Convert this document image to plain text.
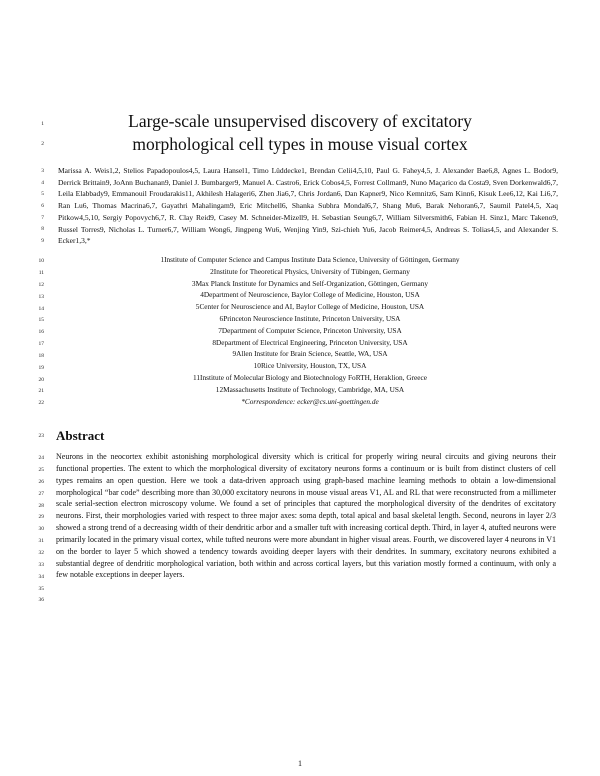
1
2
3
4
5
6
7
8
9
10
11
12
13
14
15
16
17
18
19
20
21
22
23
24
25
26
27
28
29
30
31
32
33
34
35
36
Large-scale unsupervised discovery of excitatory
morphological cell types in mouse visual cortex
Marissa A. Weis1,2, Stelios Papadopoulos4,5, Laura Hansel1, Timo Lüddecke1, Brendan Celii4,5,10, Paul G. Fahey4,5, J. Alexander Bae6,8, Agnes L. Bodor9, Derrick Brittain9, JoAnn Buchanan9, Daniel J. Bumbarger9, Manuel A. Castro6, Erick Cobos4,5, Forrest Collman9, Nuno Maçarico da Costa9, Sven Dorkenwald6,7, Leila Elabbady9, Emmanouil Froudarakis11, Akhilesh Halageri6, Zhen Jia6,7, Chris Jordan6, Dan Kapner9, Nico Kemnitz6, Sam Kinn6, Kisuk Lee6,12, Kai Li6,7, Ran Lu6, Thomas Macrina6,7, Gayathri Mahalingam9, Eric Mitchell6, Shanka Subhra Mondal6,7, Shang Mu6, Barak Nehoran6,7, Saumil Patel4,5, Xaq Pitkow4,5,10, Sergiy Popovych6,7, R. Clay Reid9, Casey M. Schneider-Mizell9, H. Sebastian Seung6,7, William Silversmith6, Fabian H. Sinz1, Marc Takeno9, Russel Torres9, Nicholas L. Turner6,7, William Wong6, Jingpeng Wu6, Wenjing Yin9, Szi-chieh Yu6, Jacob Reimer4,5, Andreas S. Tolias4,5, and Alexander S. Ecker1,3,*
1Institute of Computer Science and Campus Institute Data Science, University of Göttingen, Germany
2Institute for Theoretical Physics, University of Tübingen, Germany
3Max Planck Institute for Dynamics and Self-Organization, Göttingen, Germany
4Department of Neuroscience, Baylor College of Medicine, Houston, USA
5Center for Neuroscience and AI, Baylor College of Medicine, Houston, USA
6Princeton Neuroscience Institute, Princeton University, USA
7Department of Computer Science, Princeton University, USA
8Department of Electrical Engineering, Princeton University, USA
9Allen Institute for Brain Science, Seattle, WA, USA
10Rice University, Houston, TX, USA
11Institute of Molecular Biology and Biotechnology FoRTH, Heraklion, Greece
12Massachusetts Institute of Technology, Cambridge, MA, USA
*Correspondence: ecker@cs.uni-goettingen.de
Abstract
Neurons in the neocortex exhibit astonishing morphological diversity which is critical for properly wiring neural circuits and giving neurons their functional properties. The extent to which the morphological diversity of excitatory neurons forms a continuum or is built from distinct clusters of cell types remains an open question. Here we took a data-driven approach using graph-based machine learning methods to obtain a low-dimensional morphological “bar code” describing more than 30,000 excitatory neurons in mouse visual areas V1, AL and RL that were reconstructed from a millimeter scale serial-section electron microscopy volume. We found a set of principles that captured the morphological diversity of the dendrites of excitatory neurons. First, their morphologies varied with respect to three major axes: soma depth, total apical and basal skeletal length. Second, neurons in layer 2/3 showed a strong trend of a decreasing width of their dendritic arbor and a smaller tuft with increasing cortical depth. Third, in layer 4, atufted neurons were primarily located in the primary visual cortex, while tufted neurons were more abundant in higher visual areas. Fourth, we discovered layer 4 neurons in V1 on the border to layer 5 which showed a tendency towards avoiding deeper layers with their dendrites. In summary, excitatory neurons exhibited a substantial degree of dendritic morphological variation, both within and across cortical layers, but this variation mostly formed a continuum, with only a few notable exceptions in deeper layers.
1
